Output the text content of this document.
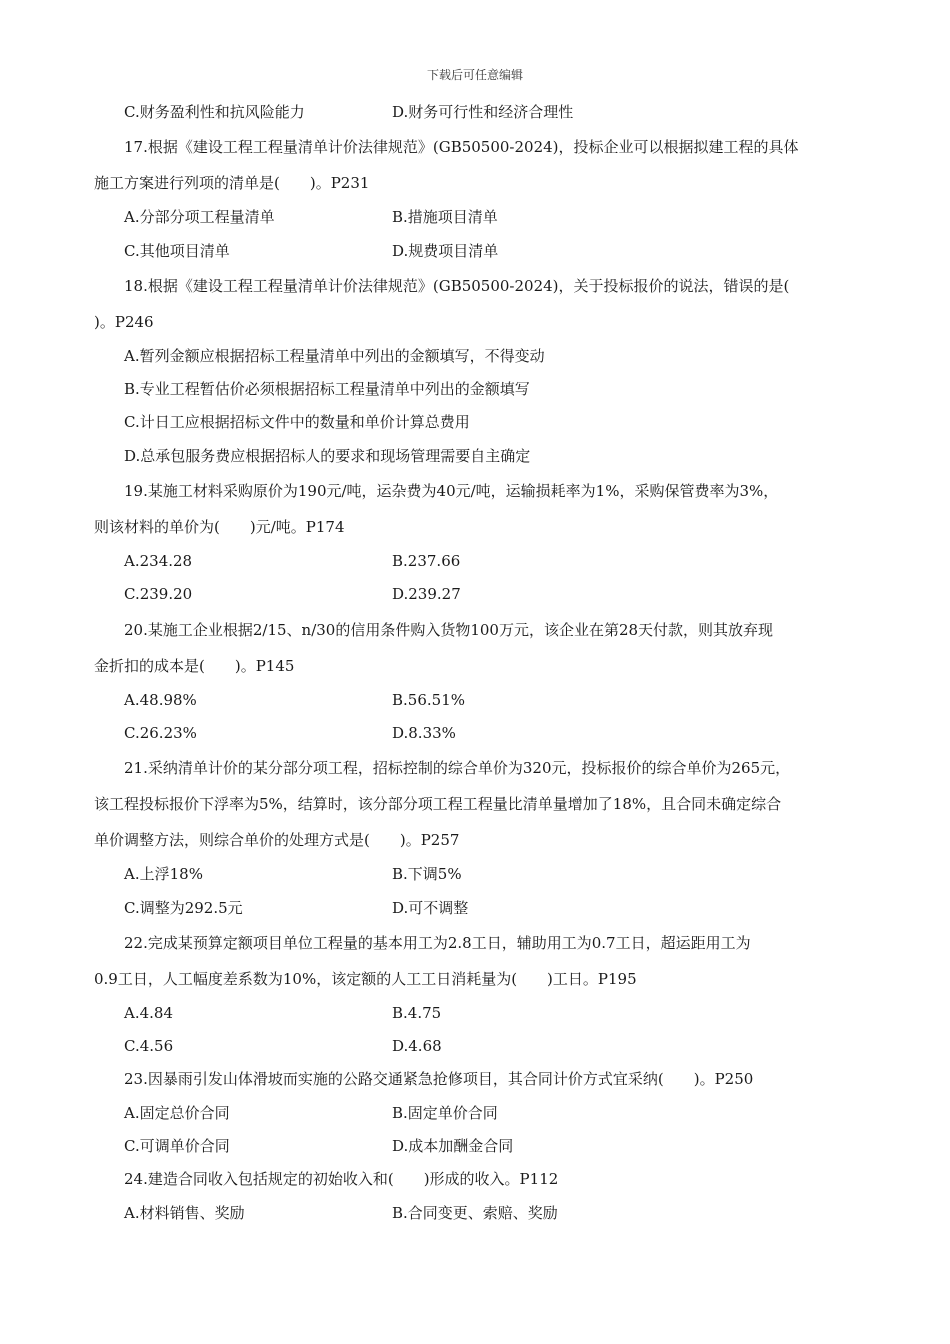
下载后可任意编辑
C.财务盈利性和抗风险能力	D.财务可行性和经济合理性
17.根据《建设工程工程量清单计价法律规范》(GB50500-2024)，投标企业可以根据拟建工程的具体
施工方案进行列项的清单是(　　)。P231
A.分部分项工程量清单	B.措施项目清单
C.其他项目清单	D.规费项目清单
18.根据《建设工程工程量清单计价法律规范》(GB50500-2024)，关于投标报价的说法，错误的是(
)。P246
A.暂列金额应根据招标工程量清单中列出的金额填写，不得变动
B.专业工程暂估价必须根据招标工程量清单中列出的金额填写
C.计日工应根据招标文件中的数量和单价计算总费用
D.总承包服务费应根据招标人的要求和现场管理需要自主确定
19.某施工材料采购原价为190元/吨，运杂费为40元/吨，运输损耗率为1%，采购保管费率为3%，
则该材料的单价为(　　)元/吨。P174
A.234.28	B.237.66
C.239.20	D.239.27
20.某施工企业根据2/15、n/30的信用条件购入货物100万元，该企业在第28天付款，则其放弃现
金折扣的成本是(　　)。P145
A.48.98%	B.56.51%
C.26.23%	D.8.33%
21.采纳清单计价的某分部分项工程，招标控制的综合单价为320元，投标报价的综合单价为265元，
该工程投标报价下浮率为5%，结算时，该分部分项工程工程量比清单量增加了18%，且合同未确定综合
单价调整方法，则综合单价的处理方式是(　　)。P257
A.上浮18%	B.下调5%
C.调整为292.5元	D.可不调整
22.完成某预算定额项目单位工程量的基本用工为2.8工日，辅助用工为0.7工日，超运距用工为
0.9工日，人工幅度差系数为10%，该定额的人工工日消耗量为(　　)工日。P195
A.4.84	B.4.75
C.4.56	D.4.68
23.因暴雨引发山体滑坡而实施的公路交通紧急抢修项目，其合同计价方式宜采纳(　　)。P250
A.固定总价合同	B.固定单价合同
C.可调单价合同	D.成本加酬金合同
24.建造合同收入包括规定的初始收入和(　　)形成的收入。P112
A.材料销售、奖励	B.合同变更、索赔、奖励
